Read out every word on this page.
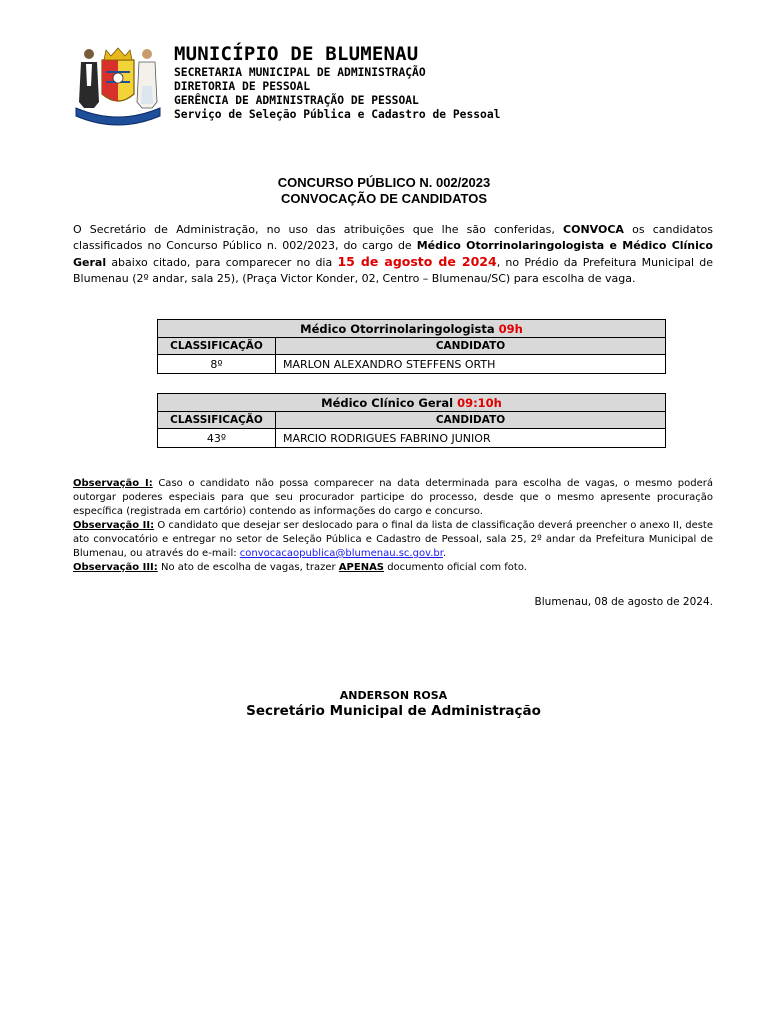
MUNICÍPIO DE BLUMENAU
SECRETARIA MUNICIPAL DE ADMINISTRAÇÃO
DIRETORIA DE PESSOAL
GERÊNCIA DE ADMINISTRAÇÃO DE PESSOAL
Serviço de Seleção Pública e Cadastro de Pessoal
CONCURSO PÚBLICO N. 002/2023
CONVOCAÇÃO DE CANDIDATOS
O Secretário de Administração, no uso das atribuições que lhe são conferidas, CONVOCA os candidatos classificados no Concurso Público n. 002/2023, do cargo de Médico Otorrinolaringologista e Médico Clínico Geral abaixo citado, para comparecer no dia 15 de agosto de 2024, no Prédio da Prefeitura Municipal de Blumenau (2º andar, sala 25), (Praça Victor Konder, 02, Centro – Blumenau/SC) para escolha de vaga.
Médico Otorrinolaringologista 09h	
CLASSIFICAÇÃO	CANDIDATO
8º	MARLON ALEXANDRO STEFFENS ORTH
Médico Clínico Geral 09:10h	
CLASSIFICAÇÃO	CANDIDATO
43º	MARCIO RODRIGUES FABRINO JUNIOR
Observação I: Caso o candidato não possa comparecer na data determinada para escolha de vagas, o mesmo poderá outorgar poderes especiais para que seu procurador participe do processo, desde que o mesmo apresente procuração específica (registrada em cartório) contendo as informações do cargo e concurso.
Observação II: O candidato que desejar ser deslocado para o final da lista de classificação deverá preencher o anexo II, deste ato convocatório e entregar no setor de Seleção Pública e Cadastro de Pessoal, sala 25, 2º andar da Prefeitura Municipal de Blumenau, ou através do e-mail: convocacaopublica@blumenau.sc.gov.br.
Observação III: No ato de escolha de vagas, trazer APENAS documento oficial com foto.
Blumenau, 08 de agosto de 2024.
ANDERSON ROSA
Secretário Municipal de Administração
